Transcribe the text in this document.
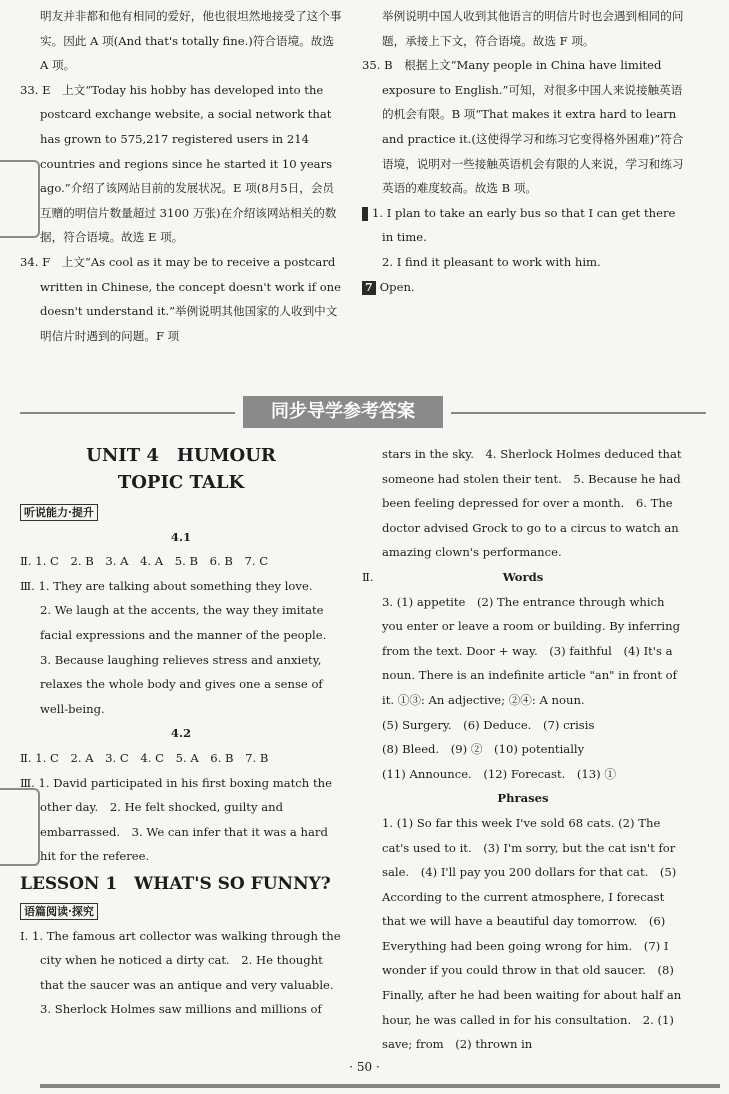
明友并非都和他有相同的爱好，他也很坦然地接受了这个事实。因此 A 项(And that's totally fine.)符合语境。故选 A 项。

33. E　上文“Today his hobby has developed into the postcard exchange website, a social network that has grown to 575,217 registered users in 214 countries and regions since he started it 10 years ago.”介绍了该网站目前的发展状况。E 项(8月5日，会员互赠的明信片数量超过 3100 万张)在介绍该网站相关的数据，符合语境。故选 E 项。

34. F　上文“As cool as it may be to receive a postcard written in Chinese, the concept doesn't work if one doesn't understand it.”举例说明其他国家的人收到中文明信片时遇到的问题。F 项

举例说明中国人收到其他语言的明信片时也会遇到相同的问题，承接上下文，符合语境。故选 F 项。

35. B　根据上文“Many people in China have limited exposure to English.”可知，对很多中国人来说接触英语的机会有限。B 项“That makes it extra hard to learn and practice it.(这使得学习和练习它变得格外困难)”符合语境，说明对一些接触英语机会有限的人来说，学习和练习英语的难度较高。故选 B 项。

6 1. I plan to take an early bus so that I can get there in time.

2. I find it pleasant to work with him.

7 Open.

同步导学参考答案

UNIT 4　HUMOUR

TOPIC TALK

听说能力·提升

4.1

Ⅱ. 1. C　2. B　3. A　4. A　5. B　6. B　7. C

Ⅲ. 1. They are talking about something they love.

2. We laugh at the accents, the way they imitate facial expressions and the manner of the people.

3. Because laughing relieves stress and anxiety, relaxes the whole body and gives one a sense of well-being.

4.2

Ⅱ. 1. C　2. A　3. C　4. C　5. A　6. B　7. B

Ⅲ. 1. David participated in his first boxing match the other day.　2. He felt shocked, guilty and embarrassed.　3. We can infer that it was a hard hit for the referee.

LESSON 1　WHAT'S SO FUNNY?

语篇阅读·探究

Ⅰ. 1. The famous art collector was walking through the city when he noticed a dirty cat.　2. He thought that the saucer was an antique and very valuable.　3. Sherlock Holmes saw millions and millions of

stars in the sky.　4. Sherlock Holmes deduced that someone had stolen their tent.　5. Because he had been feeling depressed for over a month.　6. The doctor advised Grock to go to a circus to watch an amazing clown's performance.

Ⅱ.	Words

3. (1) appetite　(2) The entrance through which you enter or leave a room or building. By inferring from the text. Door + way.　(3) faithful　(4) It's a noun. There is an indefinite article "an" in front of it. ①③: An adjective; ②④: A noun.

(5) Surgery.　(6) Deduce.　(7) crisis

(8) Bleed.　(9) ②　(10) potentially

(11) Announce.　(12) Forecast.　(13) ①

Phrases

1. (1) So far this week I've sold 68 cats. (2) The cat's used to it.　(3) I'm sorry, but the cat isn't for sale.　(4) I'll pay you 200 dollars for that cat.　(5) According to the current atmosphere, I forecast that we will have a beautiful day tomorrow.　(6) Everything had been going wrong for him.　(7) I wonder if you could throw in that old saucer.　(8) Finally, after he had been waiting for about half an hour, he was called in for his consultation.　2. (1) save; from　(2) thrown in

· 50 ·
